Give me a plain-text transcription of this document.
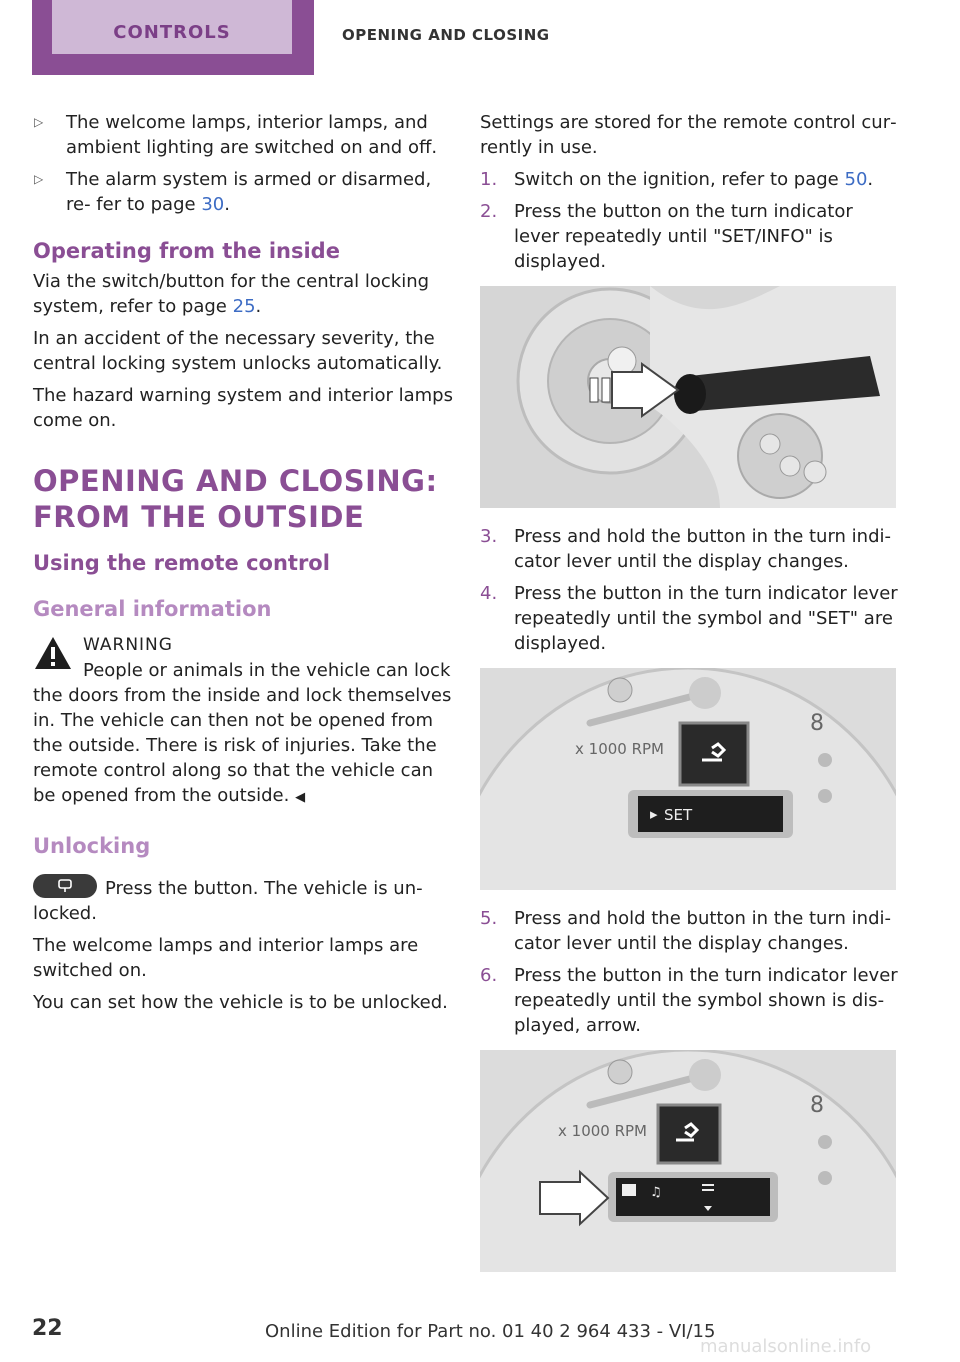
CONTROLS	OPENING AND CLOSING
▷ The welcome lamps, interior lamps, and ambient lighting are switched on and off.
▷ The alarm system is armed or disarmed, re‐ fer to page 30.
Operating from the inside

Via the switch/button for the central locking system, refer to page 25.

In an accident of the necessary severity, the central locking system unlocks automatically.

The hazard warning system and interior lamps come on.

OPENING AND CLOSING:
FROM THE OUTSIDE
Using the remote control
General information
WARNING
People or animals in the vehicle can lock
the doors from the inside and lock themselves in. The vehicle can then not be opened from the outside. There is risk of injuries. Take the remote control along so that the vehicle can be opened from the outside. ◀
Unlocking

Press the button. The vehicle is un‐ locked.

The welcome lamps and interior lamps are switched on.

You can set how the vehicle is to be unlocked.

Settings are stored for the remote control cur‐ rently in use.

1. Switch on the ignition, refer to page 50.
2. Press the button on the turn indicator lever repeatedly until "SET/INFO" is displayed.
3. Press and hold the button in the turn indi‐ cator lever until the display changes.
4. Press the button in the turn indicator lever repeatedly until the symbol and "SET" are displayed.
8
x 1000 RPM
▸ SET
5. Press and hold the button in the turn indi‐ cator lever until the display changes.
6. Press the button in the turn indicator lever repeatedly until the symbol shown is dis‐ played, arrow.
8
x 1000 RPM
♫
22	Online Edition for Part no. 01 40 2 964 433 - VI/15
manualsonline.info
